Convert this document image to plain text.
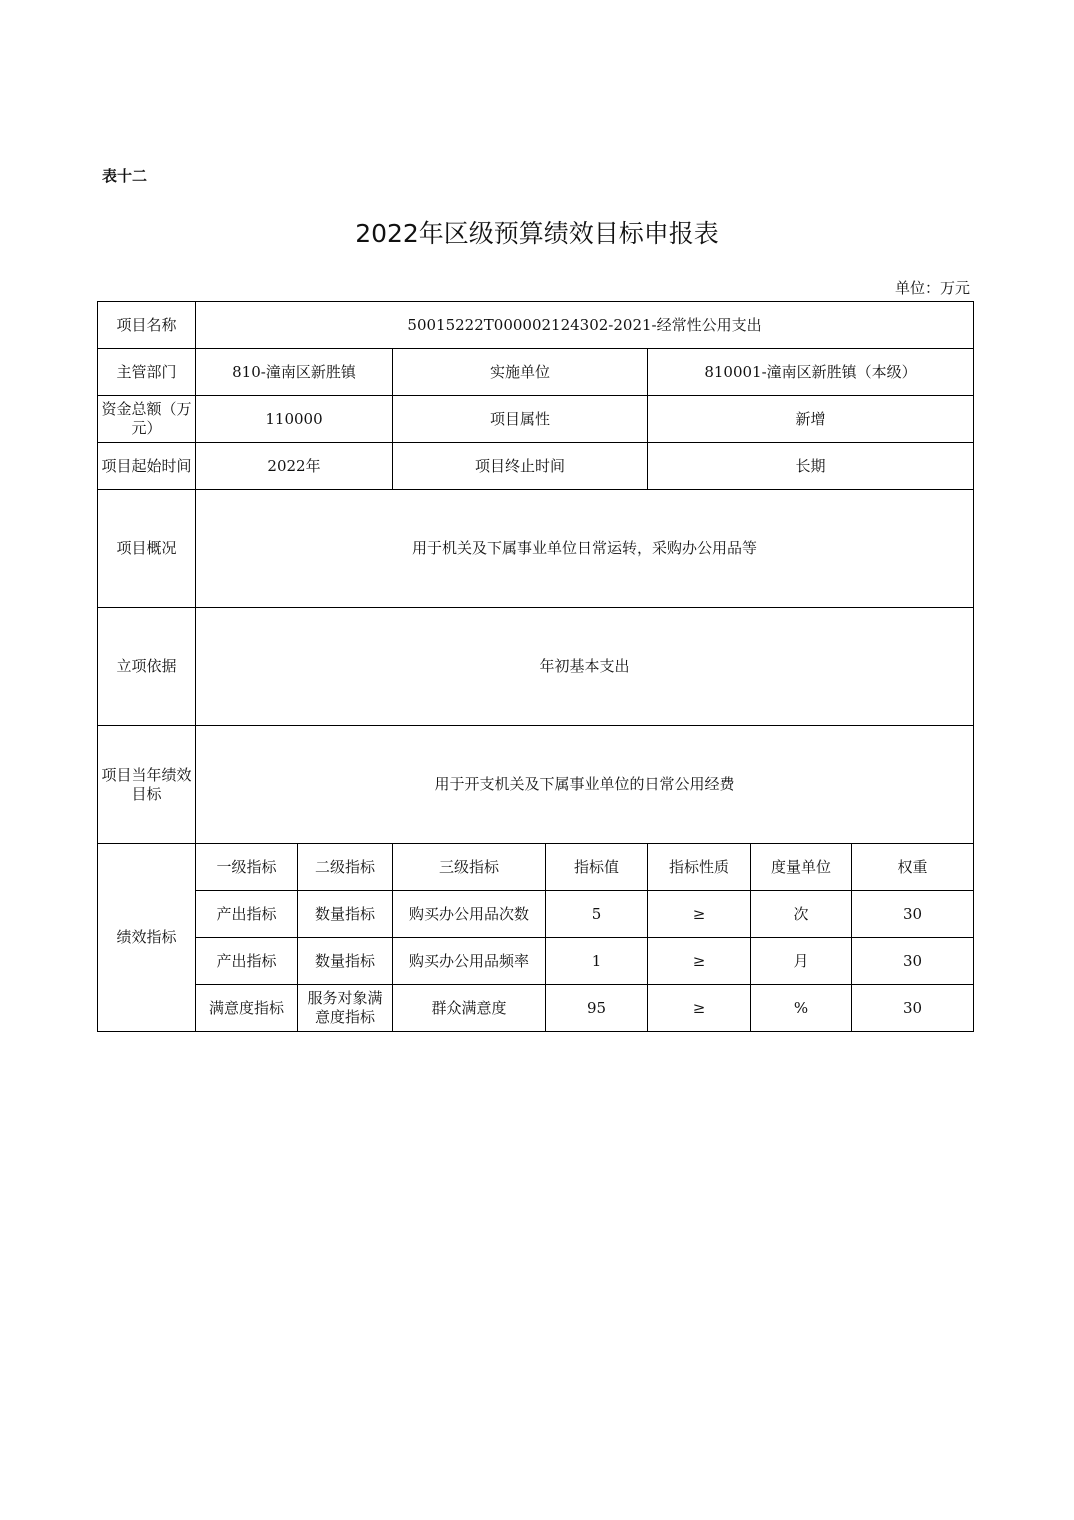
表十二
2022年区级预算绩效目标申报表
单位：万元
项目名称	50015222T000002124302-2021-经常性公用支出						
主管部门	810-潼南区新胜镇		实施单位		810001-潼南区新胜镇（本级）		
资金总额（万元）	110000		项目属性		新增		
项目起始时间	2022年		项目终止时间		长期		
项目概况	用于机关及下属事业单位日常运转，采购办公用品等						
立项依据	年初基本支出						
项目当年绩效目标	用于开支机关及下属事业单位的日常公用经费						
绩效指标	一级指标	二级指标	三级指标	指标值	指标性质	度量单位	权重
	产出指标	数量指标	购买办公用品次数	5	≥	次	30
	产出指标	数量指标	购买办公用品频率	1	≥	月	30
	满意度指标	服务对象满意度指标	群众满意度	95	≥	%	30
